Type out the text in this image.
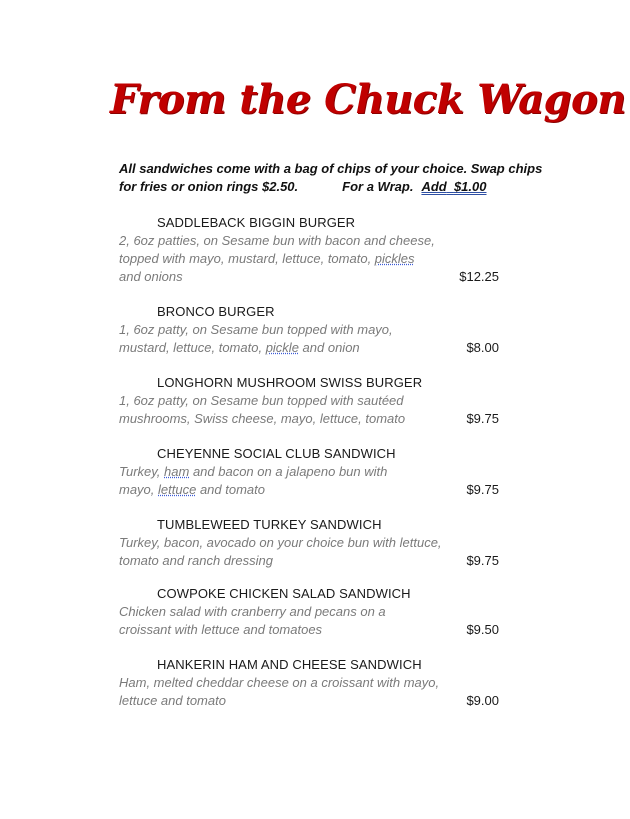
From the Chuck Wagon
All sandwiches come with a bag of chips of your choice. Swap chips
for fries or onion rings $2.50.	For a Wrap. Add $1.00
SADDLEBACK BIGGIN BURGER
2, 6oz patties, on Sesame bun with bacon and cheese,
topped with mayo, mustard, lettuce, tomato, pickles
and onions	$12.25
BRONCO BURGER
1, 6oz patty, on Sesame bun topped with mayo,
mustard, lettuce, tomato, pickle and onion	$8.00
LONGHORN MUSHROOM SWISS BURGER
1, 6oz patty, on Sesame bun topped with sautéed
mushrooms, Swiss cheese, mayo, lettuce, tomato	$9.75
CHEYENNE SOCIAL CLUB SANDWICH
Turkey, ham and bacon on a jalapeno bun with
mayo, lettuce and tomato	$9.75
TUMBLEWEED TURKEY SANDWICH
Turkey, bacon, avocado on your choice bun with lettuce,
tomato and ranch dressing	$9.75
COWPOKE CHICKEN SALAD SANDWICH
Chicken salad with cranberry and pecans on a
croissant with lettuce and tomatoes	$9.50
HANKERIN HAM AND CHEESE SANDWICH
Ham, melted cheddar cheese on a croissant with mayo,
lettuce and tomato	$9.00
